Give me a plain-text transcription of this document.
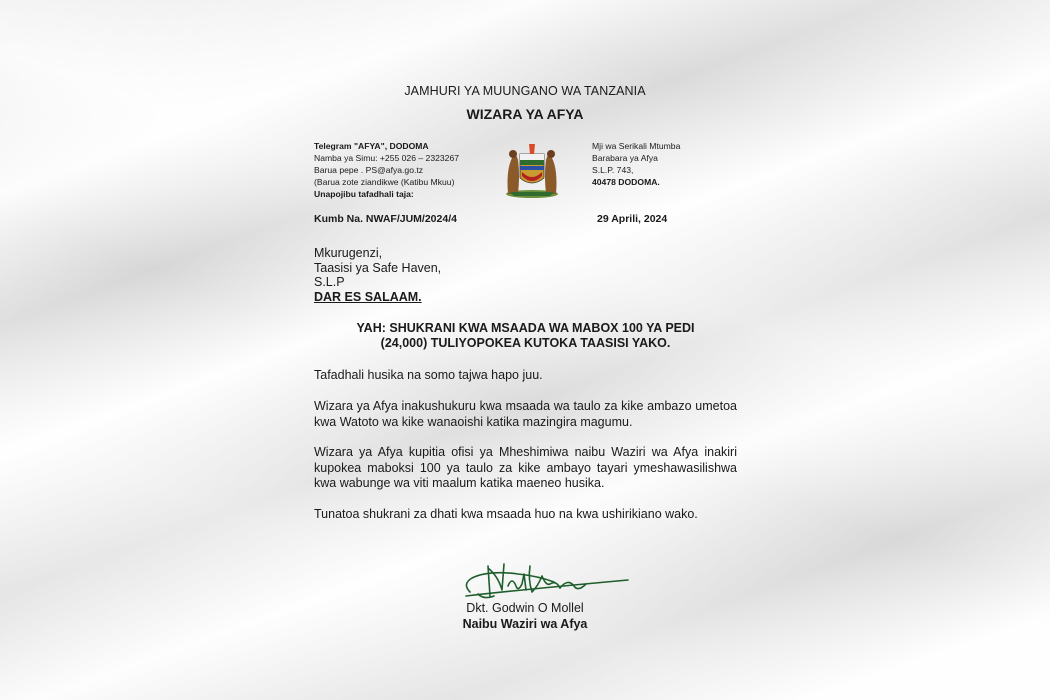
JAMHURI YA MUUNGANO WA TANZANIA
WIZARA YA AFYA
Telegram "AFYA", DODOMA
Namba ya Simu: +255 026 – 2323267
Barua pepe . PS@afya.go.tz
(Barua zote ziandikwe (Katibu Mkuu)
Unapojibu tafadhali taja:
Mji wa Serikali Mtumba
Barabara ya Afya
S.L.P. 743,
40478 DODOMA.
Kumb Na. NWAF/JUM/2024/4	29 Aprili, 2024
Mkurugenzi,
Taasisi ya Safe Haven,
S.L.P
DAR ES SALAAM.
YAH: SHUKRANI KWA MSAADA WA MABOX 100 YA PEDI
(24,000) TULIYOPOKEA KUTOKA TAASISI YAKO.
Tafadhali husika na somo tajwa hapo juu.
Wizara ya Afya inakushukuru kwa msaada wa taulo za kike ambazo umetoa kwa Watoto wa kike wanaoishi katika mazingira magumu.
Wizara ya Afya kupitia ofisi ya Mheshimiwa naibu Waziri wa Afya inakiri kupokea maboksi 100 ya taulo za kike ambayo tayari ymeshawasilishwa kwa wabunge wa viti maalum katika maeneo husika.
Tunatoa shukrani za dhati kwa msaada huo na kwa ushirikiano wako.
Dkt. Godwin O Mollel
Naibu Waziri wa Afya
